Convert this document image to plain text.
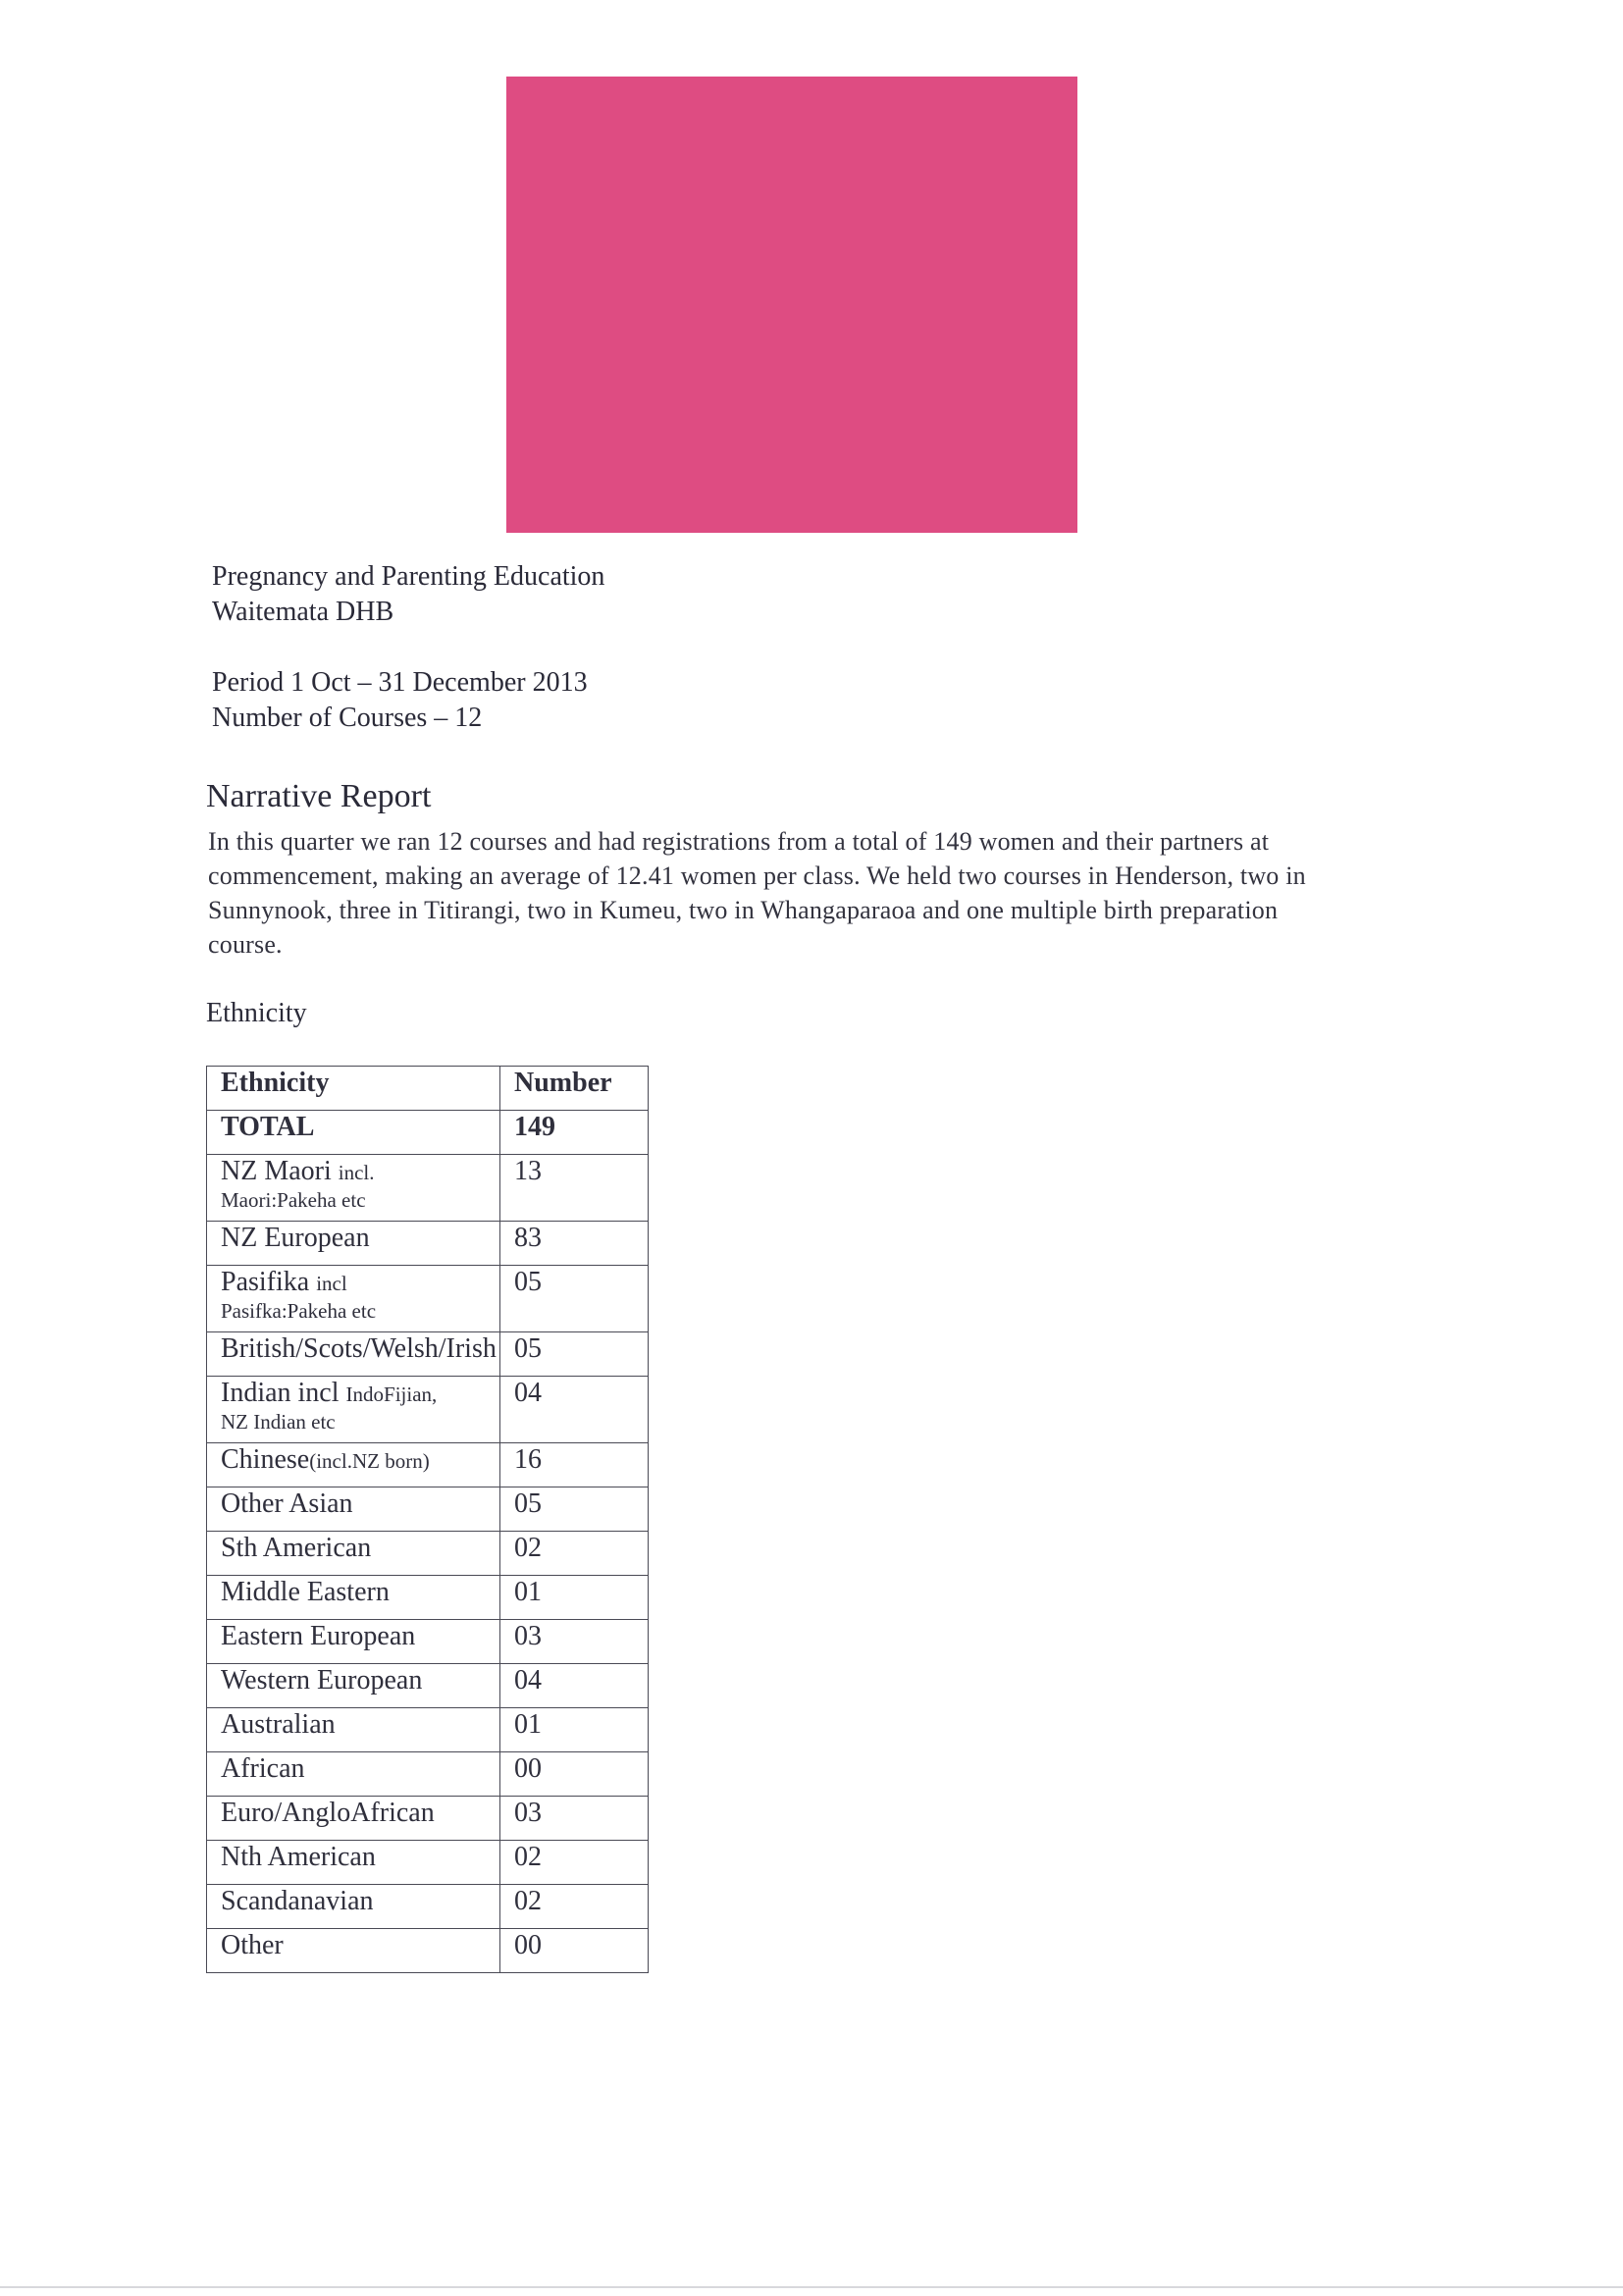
Pregnancy and Parenting Education
Waitemata DHB
Period 1 Oct – 31 December 2013
Number of Courses – 12
Narrative Report
In this quarter we ran 12 courses and had registrations from a total of 149 women and their partners at commencement, making an average of 12.41 women per class. We held two courses in Henderson, two in Sunnynook, three in Titirangi, two in Kumeu, two in Whangaparaoa and one multiple birth preparation course.
Ethnicity
Ethnicity	Number
TOTAL	149
NZ Maori incl.
Maori:Pakeha etc	13
NZ European	83
Pasifika incl
Pasifka:Pakeha etc	05
British/Scots/Welsh/Irish	05
Indian incl IndoFijian,
NZ Indian etc	04
Chinese(incl.NZ born)	16
Other Asian	05
Sth American	02
Middle Eastern	01
Eastern European	03
Western European	04
Australian	01
African	00
Euro/AngloAfrican	03
Nth American	02
Scandanavian	02
Other	00
